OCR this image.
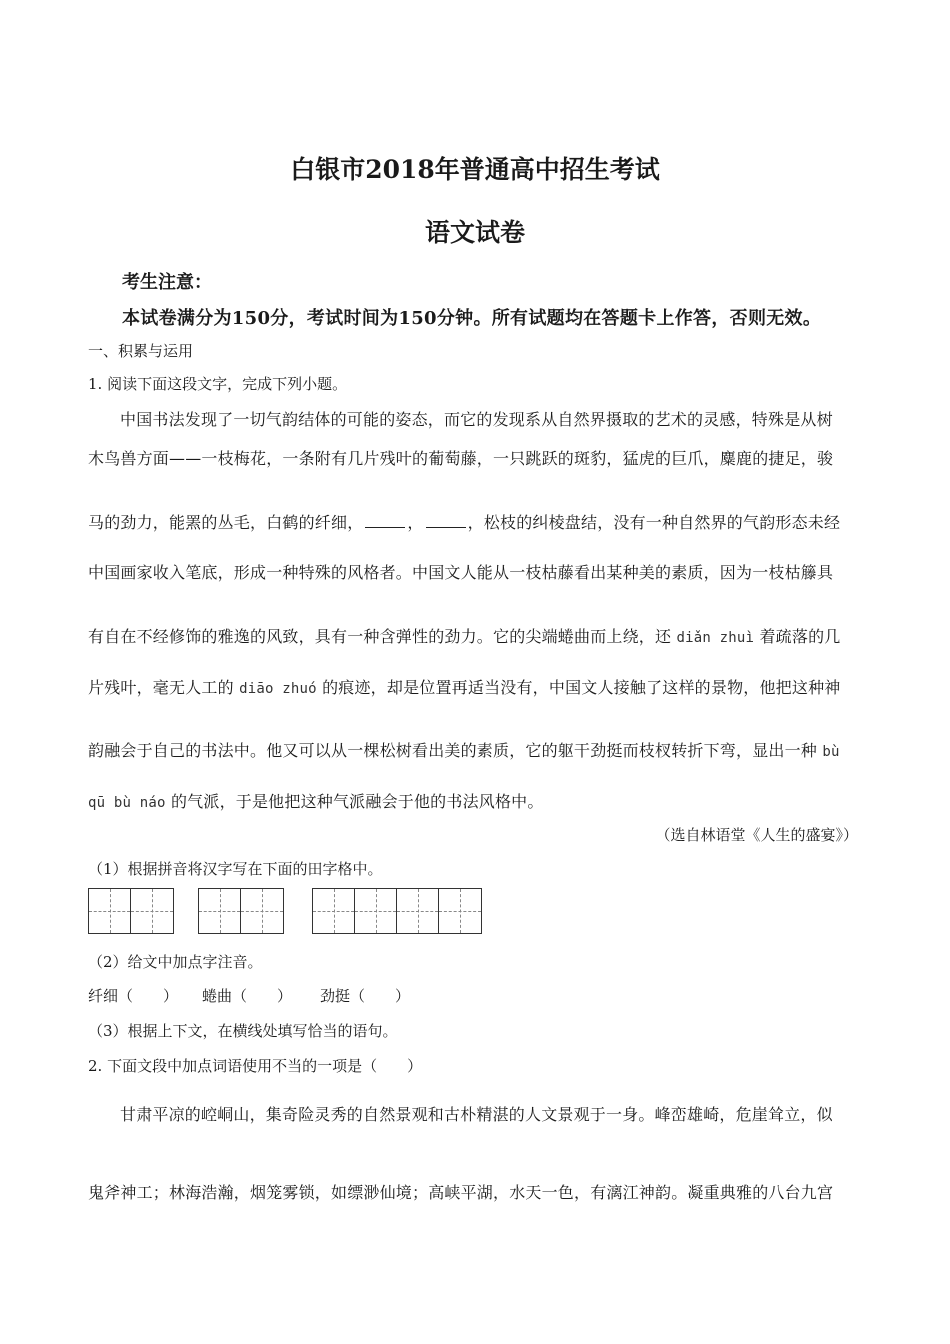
白银市2018年普通高中招生考试
语文试卷
考生注意：
本试卷满分为150分，考试时间为150分钟。所有试题均在答题卡上作答，否则无效。
一、积累与运用
1. 阅读下面这段文字，完成下列小题。
中国书法发现了一切气韵结体的可能的姿态，而它的发现系从自然界摄取的艺术的灵感，特殊是从树
木鸟兽方面——一枝梅花，一条附有几片残叶的葡萄藤，一只跳跃的斑豹，猛虎的巨爪，麋鹿的捷足，骏
马的劲力，能罴的丛毛，白鹤的纤细，	，	，松枝的纠棱盘结，没有一种自然界的气韵形态未经
中国画家收入笔底，形成一种特殊的风格者。中国文人能从一枝枯藤看出某种美的素质，因为一枝枯籐具
有自在不经修饰的雅逸的风致，具有一种含弹性的劲力。它的尖端蜷曲而上绕，还 diǎn zhuì 着疏落的几
片残叶，毫无人工的 diāo zhuó 的痕迹，却是位置再适当没有，中国文人接触了这样的景物，他把这种神
韵融会于自己的书法中。他又可以从一棵松树看出美的素质，它的躯干劲挺而枝杈转折下弯，显出一种 bù
qū bù náo 的气派，于是他把这种气派融会于他的书法风格中。
（选自林语堂《人生的盛宴》）
（1）根据拼音将汉字写在下面的田字格中。
（2）给文中加点字注音。
纤细（　　） 蜷曲（　　） 劲挺（　　）
（3）根据上下文，在横线处填写恰当的语句。
2. 下面文段中加点词语使用不当的一项是（　　）
甘肃平凉的崆峒山，集奇险灵秀的自然景观和古朴精湛的人文景观于一身。峰峦雄崎，危崖耸立，似
鬼斧神工；林海浩瀚，烟笼雾锁，如缥渺仙境；高峡平湖，水天一色，有漓江神韵。凝重典雅的八台九宫
